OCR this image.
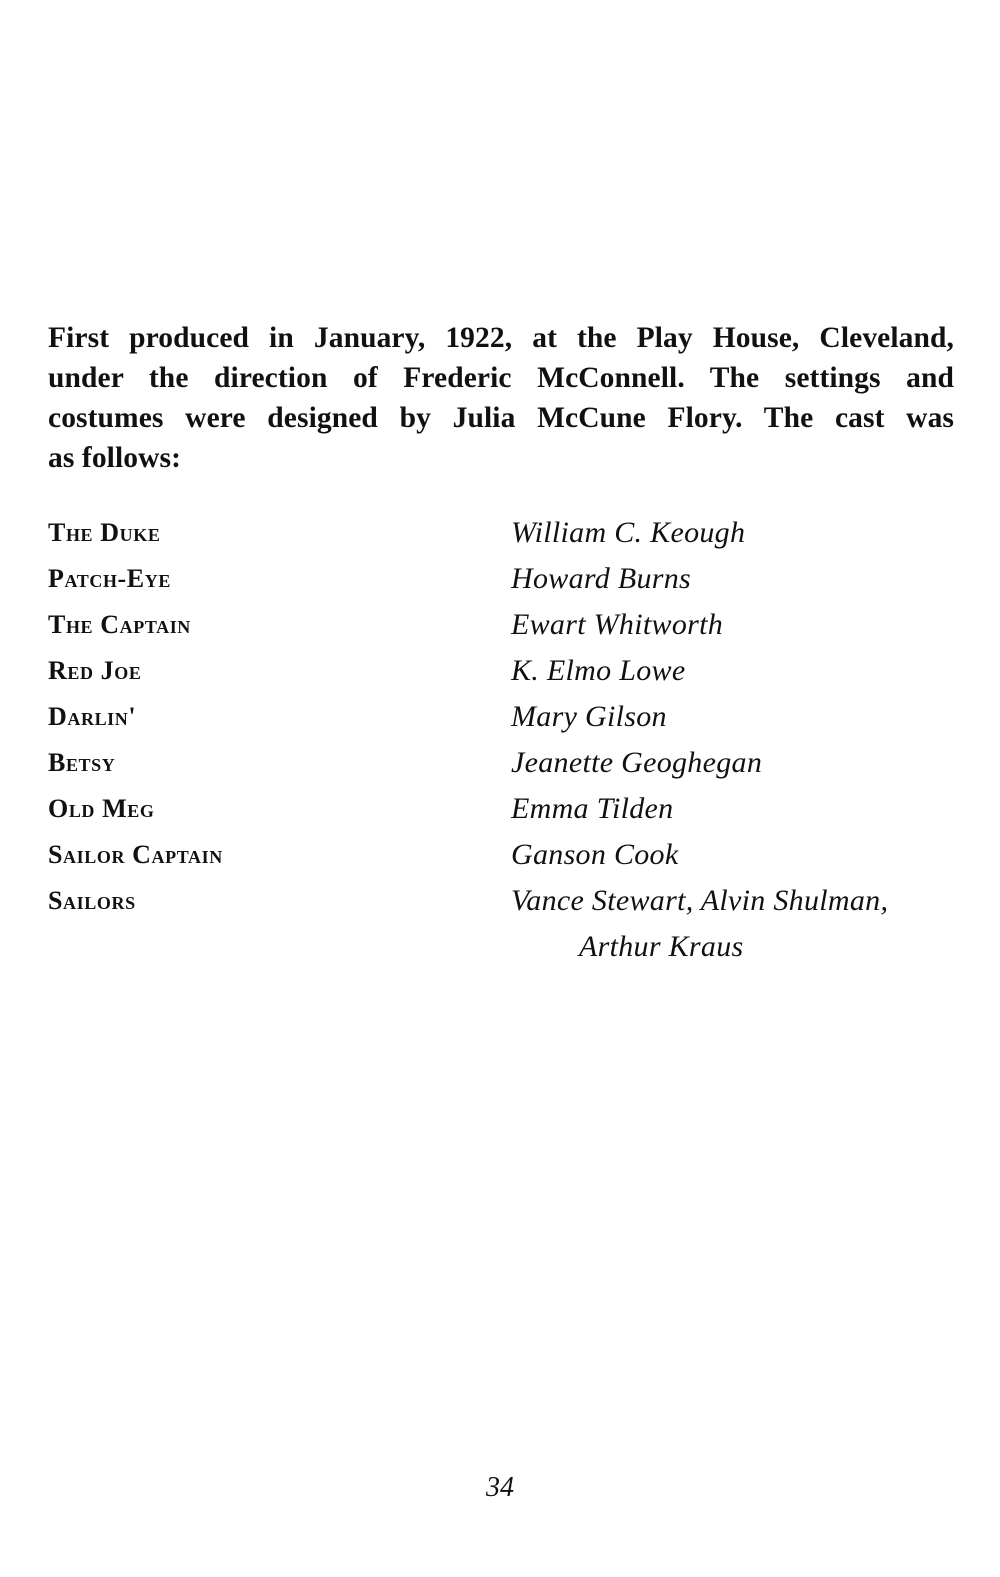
First produced in January, 1922, at the Play House, Cleveland,
under the direction of Frederic McConnell. The settings and
costumes were designed by Julia McCune Flory. The cast was
as follows:
The Duke	William C. Keough
Patch-Eye	Howard Burns
The Captain	Ewart Whitworth
Red Joe	K. Elmo Lowe
Darlin'	Mary Gilson
Betsy	Jeanette Geoghegan
Old Meg	Emma Tilden
Sailor Captain	Ganson Cook
Sailors	Vance Stewart, Alvin Shulman,
Arthur Kraus
34
